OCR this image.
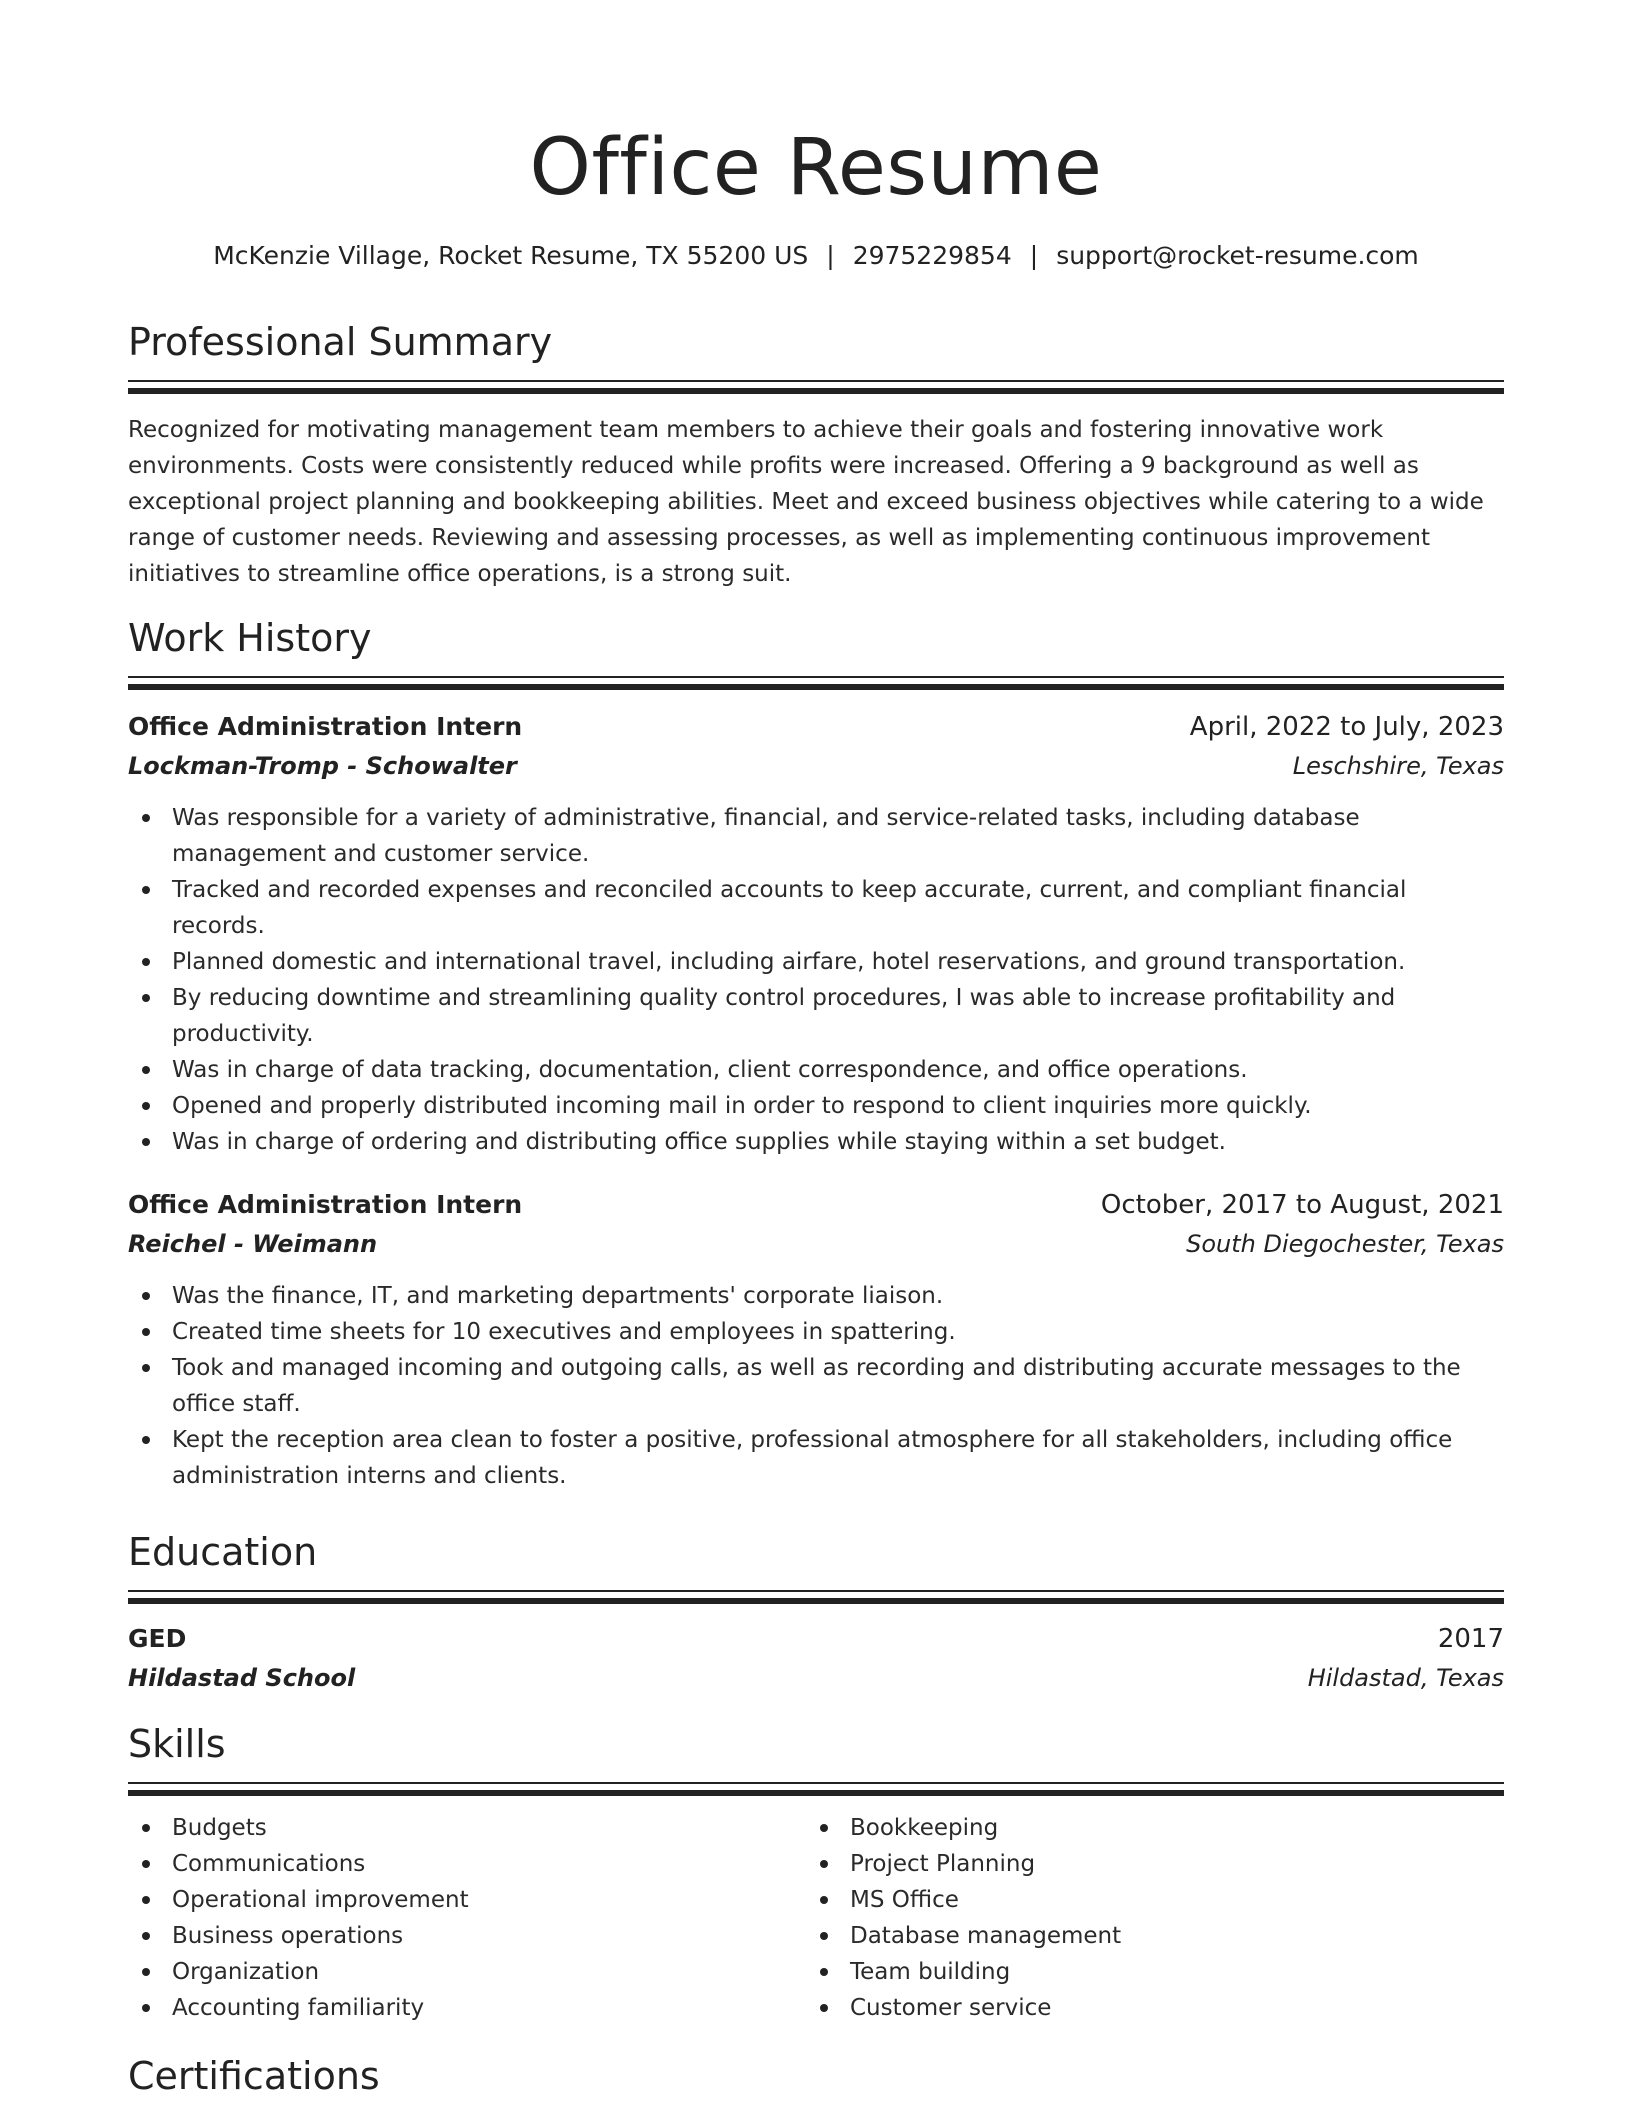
Office Resume
McKenzie Village, Rocket Resume, TX 55200 US | 2975229854 | support@rocket-resume.com
Professional Summary

Recognized for motivating management team members to achieve their goals and fostering innovative work environments. Costs were consistently reduced while profits were increased. Offering a 9 background as well as exceptional project planning and bookkeeping abilities. Meet and exceed business objectives while catering to a wide range of customer needs. Reviewing and assessing processes, as well as implementing continuous improvement initiatives to streamline office operations, is a strong suit.

Work History
Office Administration Intern	April, 2022 to July, 2023
Lockman-Tromp - Schowalter	Leschshire, Texas
Was responsible for a variety of administrative, financial, and service-related tasks, including database management and customer service.
Tracked and recorded expenses and reconciled accounts to keep accurate, current, and compliant financial records.
Planned domestic and international travel, including airfare, hotel reservations, and ground transportation.
By reducing downtime and streamlining quality control procedures, I was able to increase profitability and productivity.
Was in charge of data tracking, documentation, client correspondence, and office operations.
Opened and properly distributed incoming mail in order to respond to client inquiries more quickly.
Was in charge of ordering and distributing office supplies while staying within a set budget.
Office Administration Intern	October, 2017 to August, 2021
Reichel - Weimann	South Diegochester, Texas
Was the finance, IT, and marketing departments' corporate liaison.
Created time sheets for 10 executives and employees in spattering.
Took and managed incoming and outgoing calls, as well as recording and distributing accurate messages to the office staff.
Kept the reception area clean to foster a positive, professional atmosphere for all stakeholders, including office administration interns and clients.
Education
GED	2017
Hildastad School	Hildastad, Texas
Skills
Budgets
Communications
Operational improvement
Business operations
Organization
Accounting familiarity
Bookkeeping
Project Planning
MS Office
Database management
Team building
Customer service
Certifications
